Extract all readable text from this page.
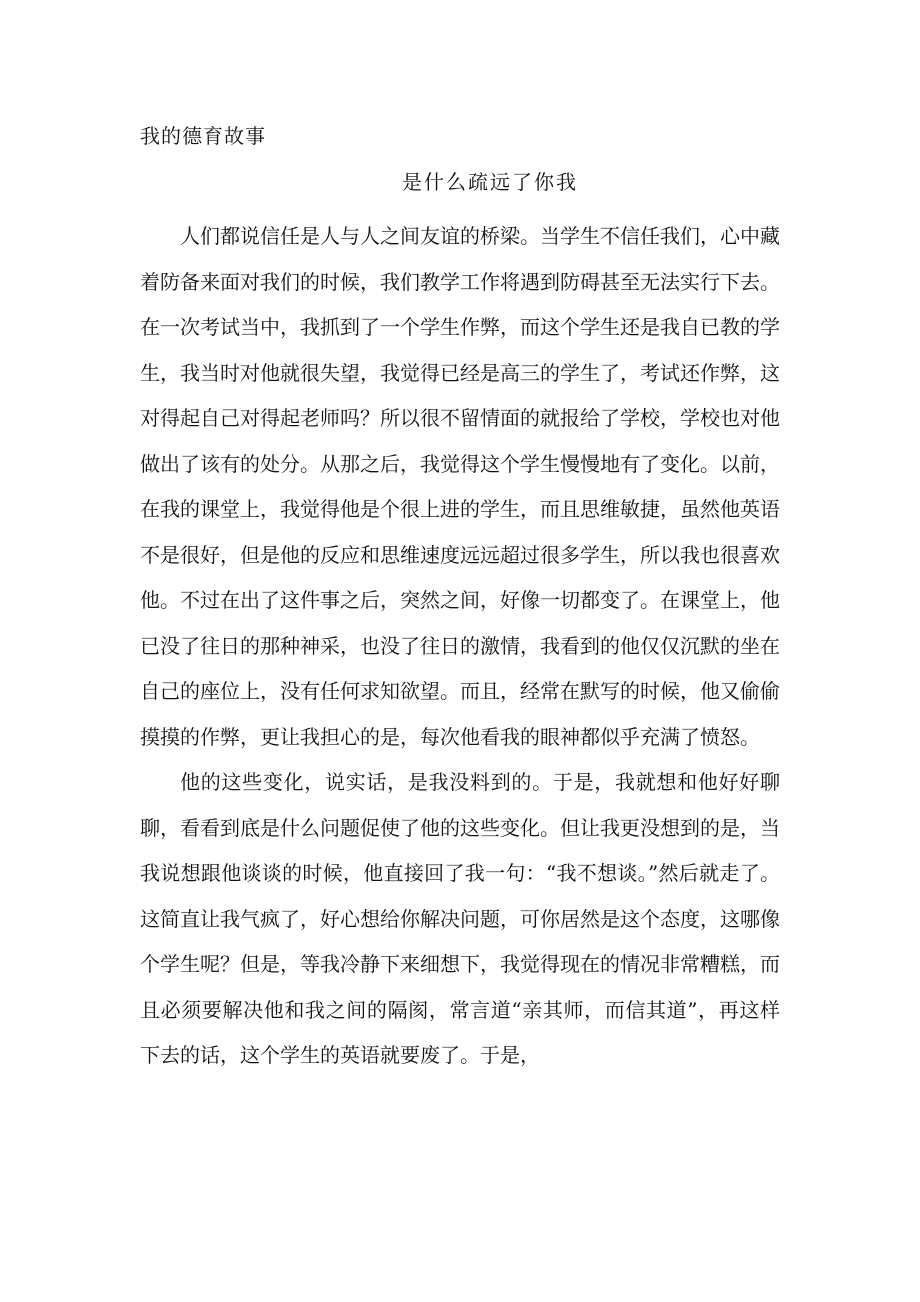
我的德育故事
是什么疏远了你我

人们都说信任是人与人之间友谊的桥梁。当学生不信任我们，心中藏着防备来面对我们的时候，我们教学工作将遇到防碍甚至无法实行下去。在一次考试当中，我抓到了一个学生作弊，而这个学生还是我自已教的学生，我当时对他就很失望，我觉得已经是高三的学生了，考试还作弊，这对得起自己对得起老师吗？所以很不留情面的就报给了学校，学校也对他做出了该有的处分。从那之后，我觉得这个学生慢慢地有了变化。以前，在我的课堂上，我觉得他是个很上进的学生，而且思维敏捷，虽然他英语不是很好，但是他的反应和思维速度远远超过很多学生，所以我也很喜欢他。不过在出了这件事之后，突然之间，好像一切都变了。在课堂上，他已没了往日的那种神采，也没了往日的激情，我看到的他仅仅沉默的坐在自己的座位上，没有任何求知欲望。而且，经常在默写的时候，他又偷偷摸摸的作弊，更让我担心的是，每次他看我的眼神都似乎充满了愤怒。

他的这些变化，说实话，是我没料到的。于是，我就想和他好好聊聊，看看到底是什么问题促使了他的这些变化。但让我更没想到的是，当我说想跟他谈谈的时候，他直接回了我一句：“我不想谈。”然后就走了。这简直让我气疯了，好心想给你解决问题，可你居然是这个态度，这哪像个学生呢？但是，等我冷静下来细想下，我觉得现在的情况非常糟糕，而且必须要解决他和我之间的隔阂，常言道“亲其师，而信其道”，再这样下去的话，这个学生的英语就要废了。于是，
